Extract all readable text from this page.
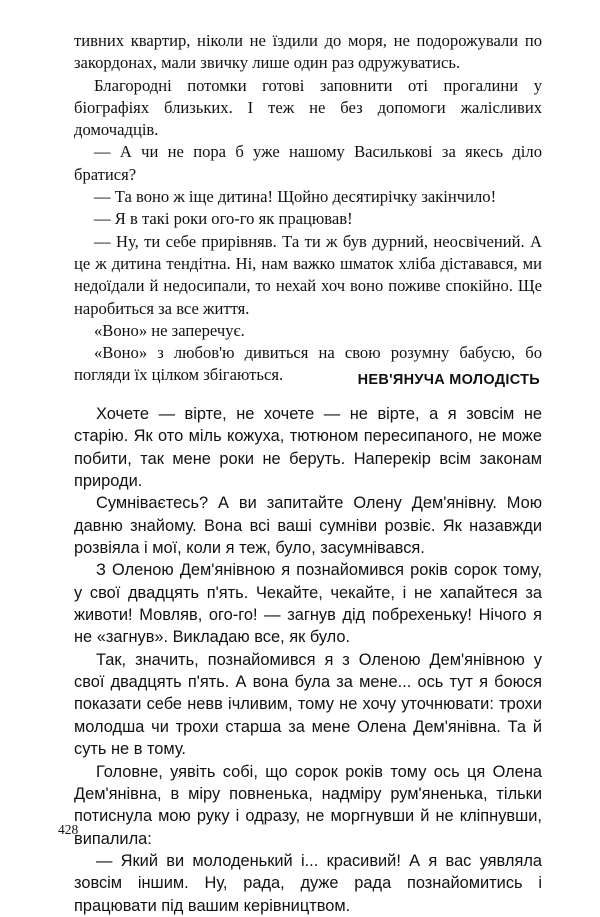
тивних квартир, ніколи не їздили до моря, не подорожували по закордонах, мали звичку лише один раз одружуватись.

Благородні потомки готові заповнити оті прогалини у біографіях близьких. І теж не без допомоги жалісливих домочадців.

— А чи не пора б уже нашому Василькові за якесь діло братися?

— Та воно ж іще дитина! Щойно десятирічку закінчило!

— Я в такі роки ого-го як працював!

— Ну, ти себе прирівняв. Та ти ж був дурний, неосвічений. А це ж дитина тендітна. Ні, нам важко шматок хліба діставався, ми недоїдали й недосипали, то нехай хоч воно поживе спокійно. Ще наробиться за все життя.

«Воно» не заперечує.

«Воно» з любов'ю дивиться на свою розумну бабусю, бо погляди їх цілком збігаються.	НЕВ'ЯНУЧА МОЛОДІСТЬ

Хочете — вірте, не хочете — не вірте, а я зовсім не старію. Як ото міль кожуха, тютюном пересипаного, не може побити, так мене роки не беруть. Наперекір всім законам природи.

Сумніваєтесь? А ви запитайте Олену Дем'янівну. Мою давню знайому. Вона всі ваші сумніви розвіє. Як назавжди розвіяла і мої, коли я теж, було, засумнівався.

З Оленою Дем'янівною я познайомився років сорок тому, у свої двадцять п'ять. Чекайте, чекайте, і не хапайтеся за животи! Мовляв, ого-го! — загнув дід побрехеньку! Нічого я не «загнув». Викладаю все, як було.

Так, значить, познайомився я з Оленою Дем'янівною у свої двадцять п'ять. А вона була за мене... ось тут я боюся показати себе невв ічливим, тому не хочу уточнювати: трохи молодша чи трохи старша за мене Олена Дем'янівна. Та й суть не в тому.

Головне, уявіть собі, що сорок років тому ось ця Олена Дем'янівна, в міру повненька, надміру рум'яненька, тільки потиснула мою руку і одразу, не моргнувши й не кліпнувши, випалила:

— Який ви молоденький і... красивий! А я вас уявляла зовсім іншим. Ну, рада, дуже рада познайомитись і працювати під вашим керівництвом.

428
